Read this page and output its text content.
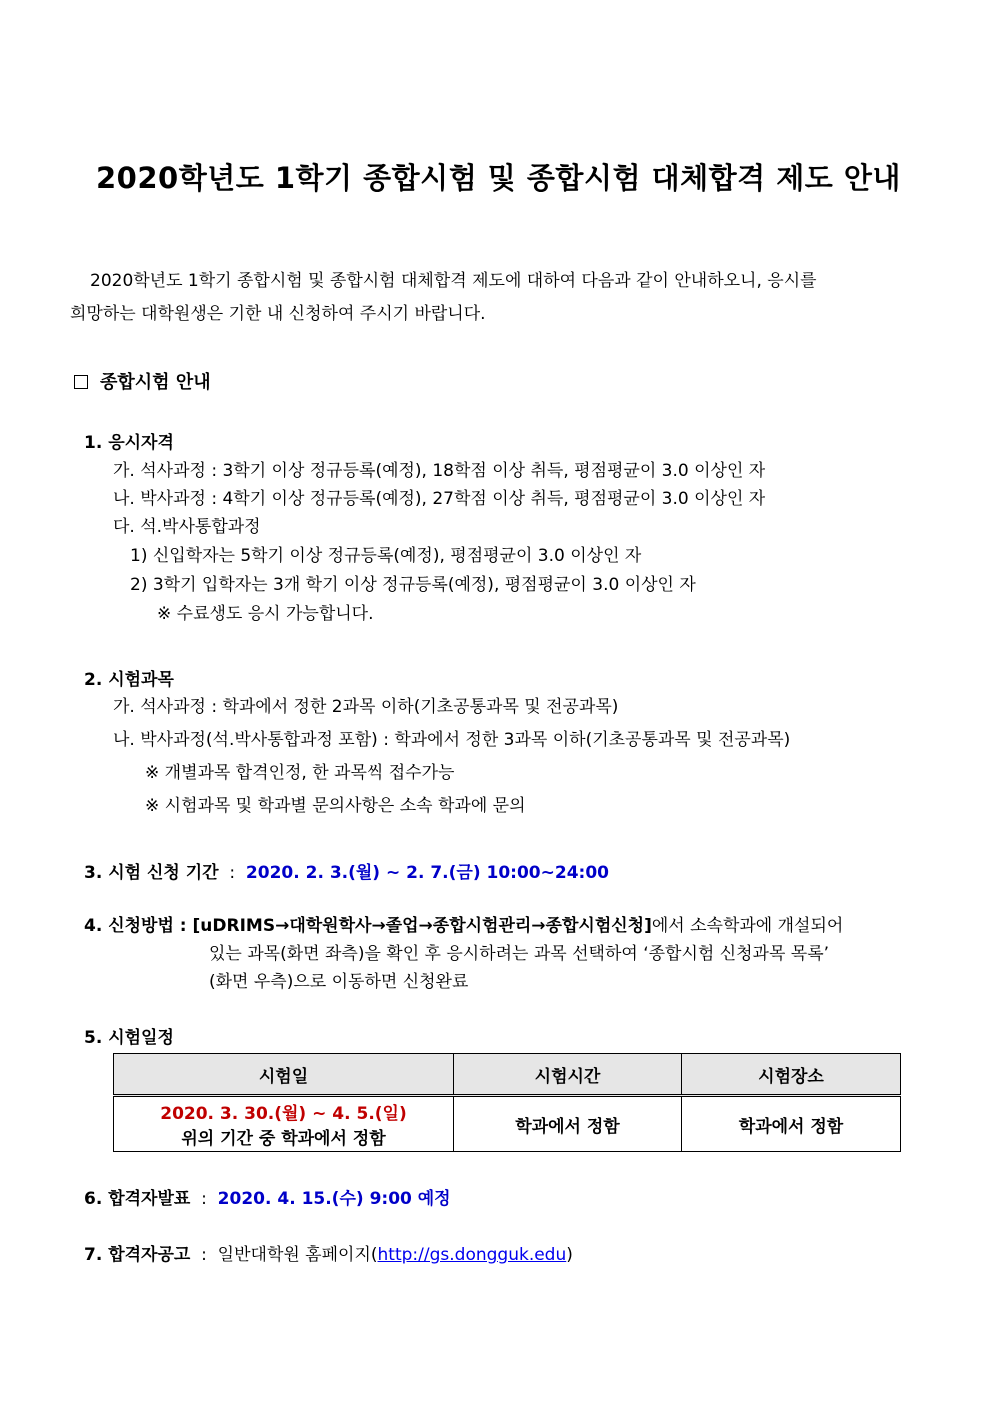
2020학년도 1학기 종합시험 및 종합시험 대체합격 제도 안내
2020학년도 1학기 종합시험 및 종합시험 대체합격 제도에 대하여 다음과 같이 안내하오니, 응시를
희망하는 대학원생은 기한 내 신청하여 주시기 바랍니다.
종합시험 안내
1. 응시자격
가. 석사과정 : 3학기 이상 정규등록(예정), 18학점 이상 취득, 평점평균이 3.0 이상인 자
나. 박사과정 : 4학기 이상 정규등록(예정), 27학점 이상 취득, 평점평균이 3.0 이상인 자
다. 석.박사통합과정
1) 신입학자는 5학기 이상 정규등록(예정), 평점평균이 3.0 이상인 자
2) 3학기 입학자는 3개 학기 이상 정규등록(예정), 평점평균이 3.0 이상인 자
※ 수료생도 응시 가능합니다.
2. 시험과목
가. 석사과정 : 학과에서 정한 2과목 이하(기초공통과목 및 전공과목)
나. 박사과정(석.박사통합과정 포함) : 학과에서 정한 3과목 이하(기초공통과목 및 전공과목)
※ 개별과목 합격인정, 한 과목씩 접수가능
※ 시험과목 및 학과별 문의사항은 소속 학과에 문의
3. 시험 신청 기간  :  2020. 2. 3.(월) ~ 2. 7.(금) 10:00~24:00
4. 신청방법 : [uDRIMS→대학원학사→졸업→종합시험관리→종합시험신청]에서 소속학과에 개설되어
있는 과목(화면 좌측)을 확인 후 응시하려는 과목 선택하여 ‘종합시험 신청과목 목록’
(화면 우측)으로 이동하면 신청완료
5. 시험일정
시험일	시험시간	시험장소

2020. 3. 30.(월) ~ 4. 5.(일)
위의 기간 중 학과에서 정함	학과에서 정함	학과에서 정함
6. 합격자발표  :  2020. 4. 15.(수) 9:00 예정
7. 합격자공고  :  일반대학원 홈페이지(http://gs.dongguk.edu)
